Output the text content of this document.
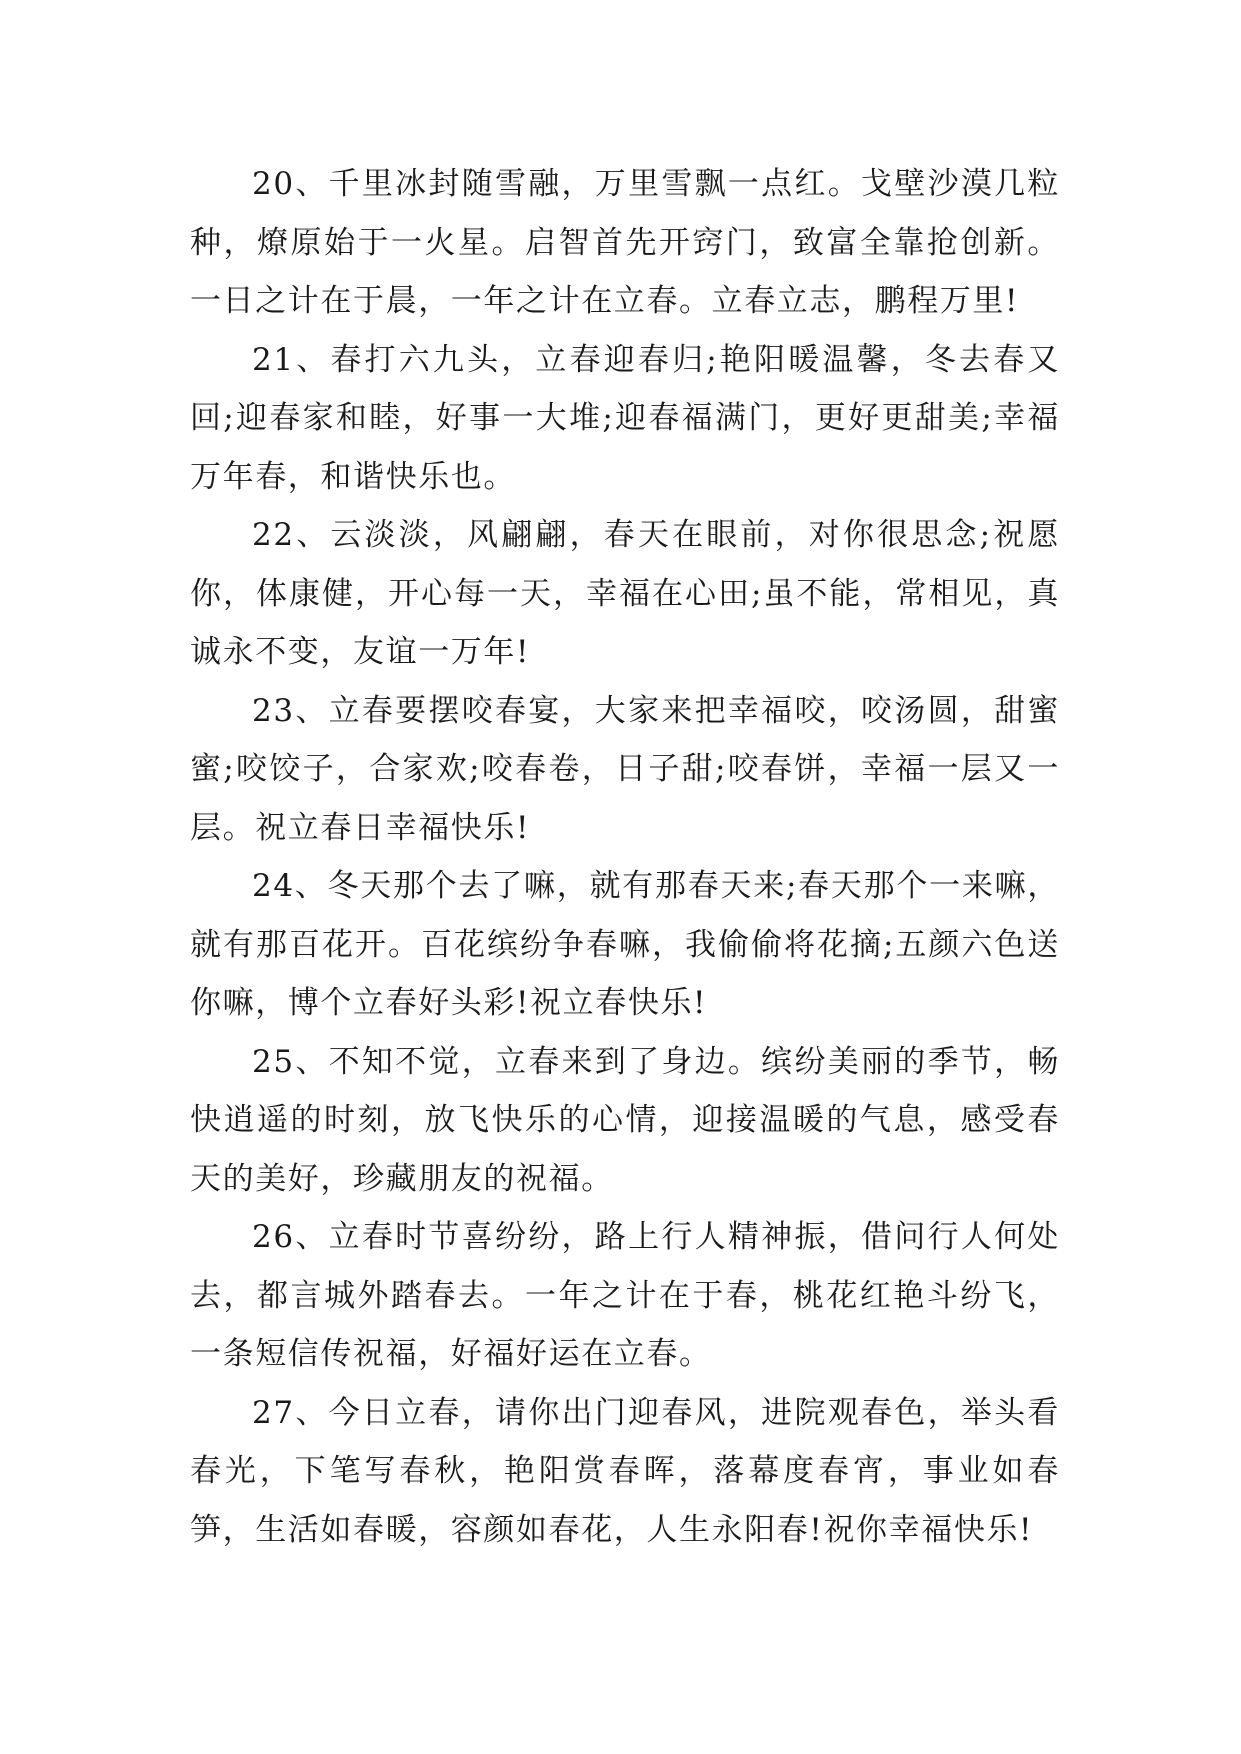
20、千里冰封随雪融，万里雪飘一点红。戈壁沙漠几粒种，燎原始于一火星。启智首先开窍门，致富全靠抢创新。一日之计在于晨，一年之计在立春。立春立志，鹏程万里!

21、春打六九头，立春迎春归;艳阳暖温馨，冬去春又回;迎春家和睦，好事一大堆;迎春福满门，更好更甜美;幸福万年春，和谐快乐也。

22、云淡淡，风翩翩，春天在眼前，对你很思念;祝愿你，体康健，开心每一天，幸福在心田;虽不能，常相见，真诚永不变，友谊一万年!

23、立春要摆咬春宴，大家来把幸福咬，咬汤圆，甜蜜蜜;咬饺子，合家欢;咬春卷，日子甜;咬春饼，幸福一层又一层。祝立春日幸福快乐!

24、冬天那个去了嘛，就有那春天来;春天那个一来嘛，就有那百花开。百花缤纷争春嘛，我偷偷将花摘;五颜六色送你嘛，博个立春好头彩!祝立春快乐!

25、不知不觉，立春来到了身边。缤纷美丽的季节，畅快逍遥的时刻，放飞快乐的心情，迎接温暖的气息，感受春天的美好，珍藏朋友的祝福。

26、立春时节喜纷纷，路上行人精神振，借问行人何处去，都言城外踏春去。一年之计在于春，桃花红艳斗纷飞，一条短信传祝福，好福好运在立春。

27、今日立春，请你出门迎春风，进院观春色，举头看春光，下笔写春秋，艳阳赏春晖，落幕度春宵，事业如春笋，生活如春暖，容颜如春花，人生永阳春!祝你幸福快乐!
